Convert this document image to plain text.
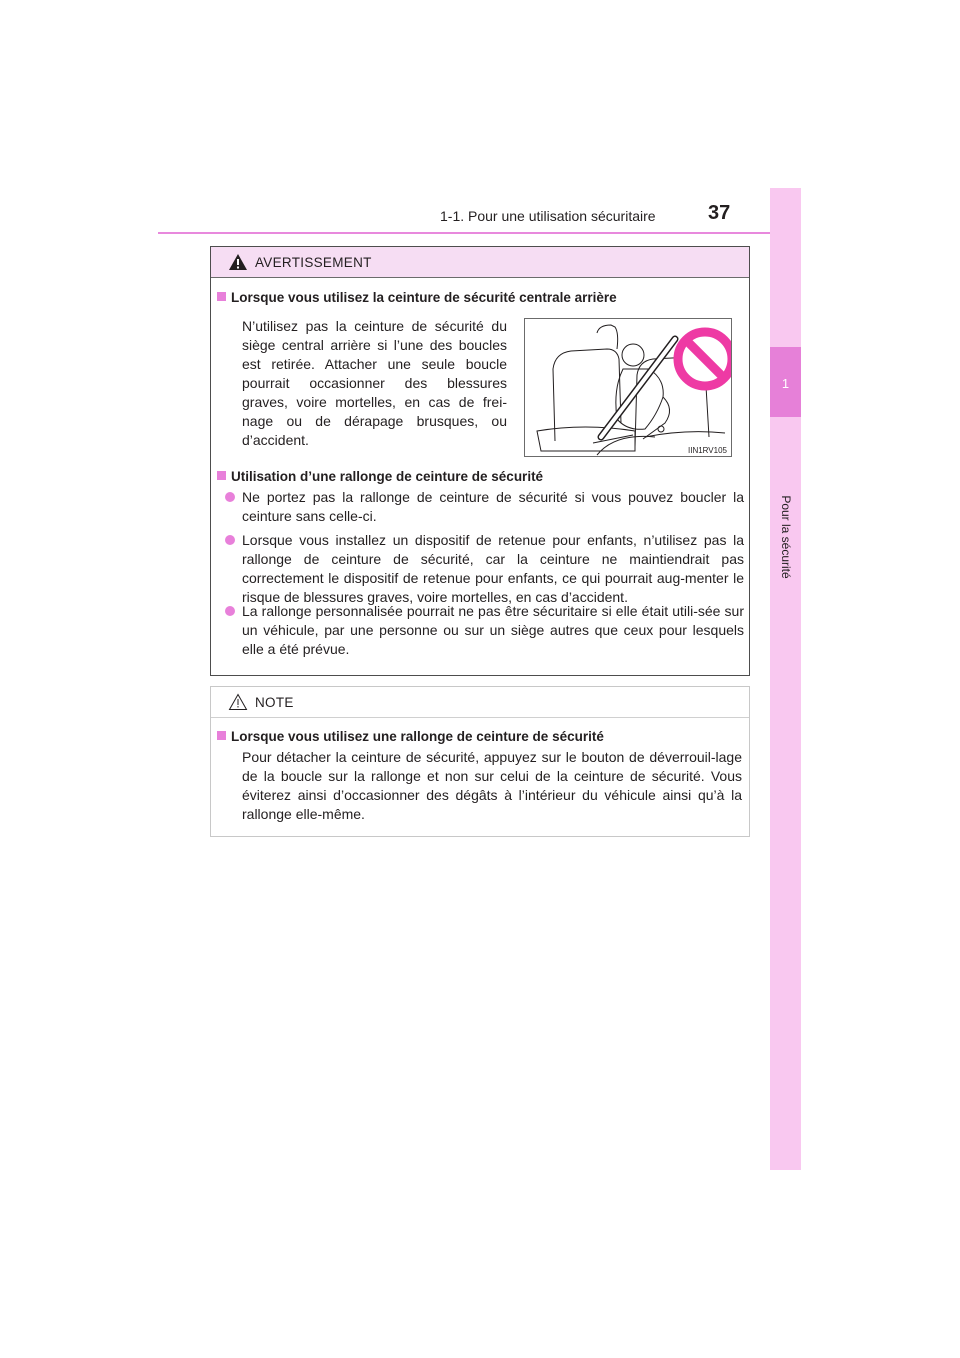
1-1. Pour une utilisation sécuritaire	37
1
Pour la sécurité
AVERTISSEMENT
Lorsque vous utilisez la ceinture de sécurité centrale arrière
N’utilisez pas la ceinture de sécurité du siège central arrière si l’une des boucles est retirée. Attacher une seule boucle pourrait occasionner des blessures graves, voire mortelles, en cas de frei-nage ou de dérapage brusques, ou d’accident.
IIN1RV105
Utilisation d’une rallonge de ceinture de sécurité
Ne portez pas la rallonge de ceinture de sécurité si vous pouvez boucler la ceinture sans celle-ci.
Lorsque vous installez un dispositif de retenue pour enfants, n’utilisez pas la rallonge de ceinture de sécurité, car la ceinture ne maintiendrait pas correctement le dispositif de retenue pour enfants, ce qui pourrait aug-menter le risque de blessures graves, voire mortelles, en cas d’accident.
La rallonge personnalisée pourrait ne pas être sécuritaire si elle était utili-sée sur un véhicule, par une personne ou sur un siège autres que ceux pour lesquels elle a été prévue.
NOTE
Lorsque vous utilisez une rallonge de ceinture de sécurité
Pour détacher la ceinture de sécurité, appuyez sur le bouton de déverrouil-lage de la boucle sur la rallonge et non sur celui de la ceinture de sécurité. Vous éviterez ainsi d’occasionner des dégâts à l’intérieur du véhicule ainsi qu’à la rallonge elle-même.
